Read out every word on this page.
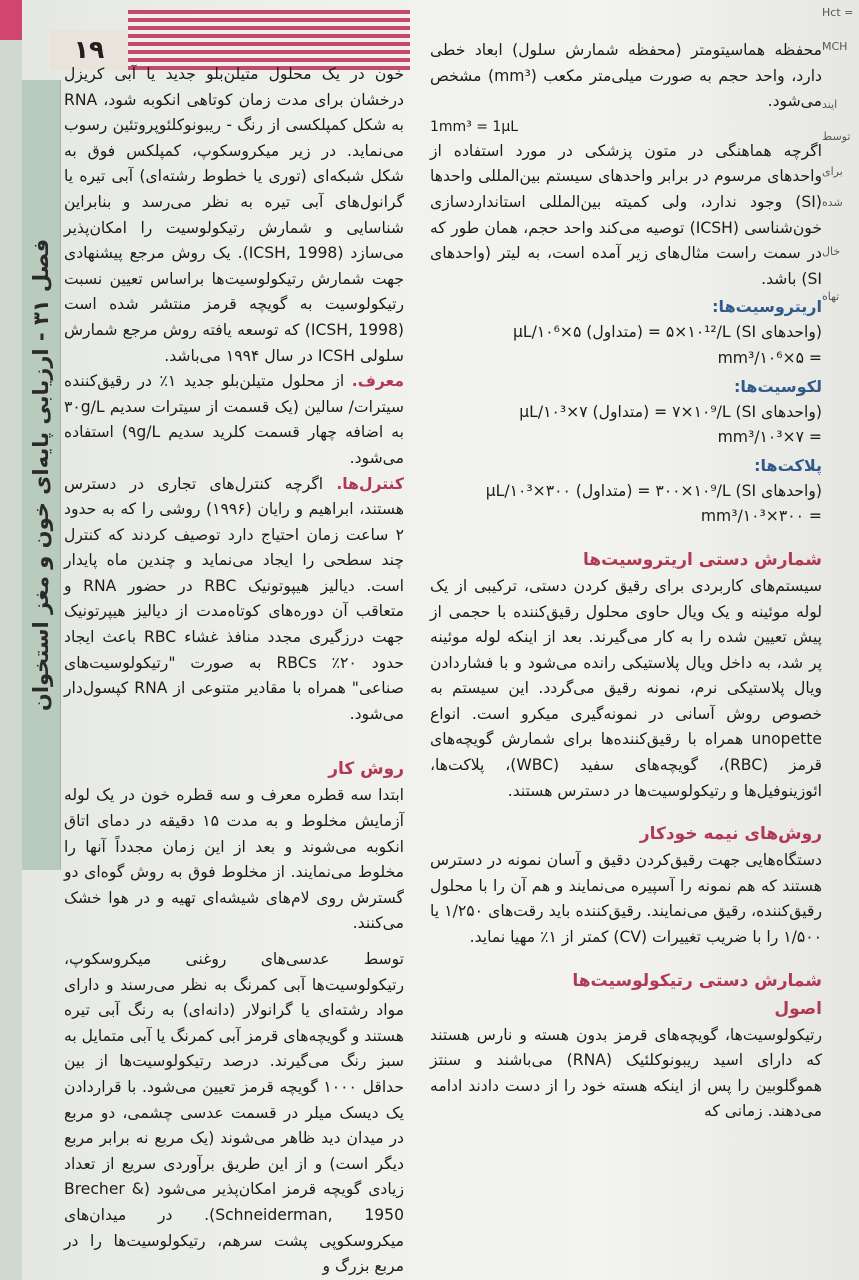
فصل ۳۱ - ارزیابی پایه‌ای خون و مغز استخوان
۱۹
Hct =
MCH
ایند
توسط
برای
شده
خال
تهاه

خون در یک محلول متیلن‌بلو جدید یا آبی کریزل درخشان برای مدت زمان کوتاهی انکوبه شود، RNA به شکل کمپلکسی از رنگ - ریبونوکلئوپروتئین رسوب می‌نماید. در زیر میکروسکوپ، کمپلکس فوق به شکل شبکه‌ای (توری یا خطوط رشته‌ای) آبی تیره یا گرانول‌های آبی تیره به نظر می‌رسد و بنابراین شناسایی و شمارش رتیکولوسیت را امکان‌پذیر می‌سازد (ICSH, 1998). یک روش مرجع پیشنهادی جهت شمارش رتیکولوسیت‌ها براساس تعیین نسبت رتیکولوسیت به گویچه قرمز منتشر شده است (ICSH, 1998) که توسعه یافته روش مرجع شمارش سلولی ICSH در سال ۱۹۹۴ می‌باشد.

معرف. از محلول متیلن‌بلو جدید ۱٪ در رقیق‌کننده سیترات/ سالین (یک قسمت از سیترات سدیم ۳۰g/L به اضافه چهار قسمت کلرید سدیم ۹g/L) استفاده می‌شود.

کنترل‌ها. اگرچه کنترل‌های تجاری در دسترس هستند، ابراهیم و رایان (۱۹۹۶) روشی را که به حدود ۲ ساعت زمان احتیاج دارد توصیف کردند که کنترل چند سطحی را ایجاد می‌نماید و چندین ماه پایدار است. دیالیز هیپوتونیک RBC در حضور RNA و متعاقب آن دوره‌های کوتاه‌مدت از دیالیز هیپرتونیک جهت درزگیری مجدد منافذ غشاء RBC باعث ایجاد حدود ۲۰٪ RBCs به صورت "رتیکولوسیت‌های صناعی" همراه با مقادیر متنوعی از RNA کپسول‌دار می‌شود.

روش کار

ابتدا سه قطره معرف و سه قطره خون در یک لوله آزمایش مخلوط و به مدت ۱۵ دقیقه در دمای اتاق انکوبه می‌شوند و بعد از این زمان مجدداً آنها را مخلوط می‌نمایند. از مخلوط فوق به روش گوه‌ای دو گسترش روی لام‌های شیشه‌ای تهیه و در هوا خشک می‌کنند.

توسط عدسی‌های روغنی میکروسکوپ، رتیکولوسیت‌ها آبی کمرنگ به نظر می‌رسند و دارای مواد رشته‌ای یا گرانولار (دانه‌ای) به رنگ آبی تیره هستند و گویچه‌های قرمز آبی کمرنگ یا آبی متمایل به سبز رنگ می‌گیرند. درصد رتیکولوسیت‌ها از بین حداقل ۱۰۰۰ گویچه قرمز تعیین می‌شود. با قراردادن یک دیسک میلر در قسمت عدسی چشمی، دو مربع در میدان دید ظاهر می‌شوند (یک مربع نه برابر مربع دیگر است) و از این طریق برآوردی سریع از تعداد زیادی گویچه قرمز امکان‌پذیر می‌شود (Brecher & Schneiderman, 1950). در میدان‌های میکروسکوپی پشت سرهم، رتیکولوسیت‌ها را در مربع بزرگ و

محفظه هماسیتومتر (محفظه شمارش سلول) ابعاد خطی دارد، واحد حجم به صورت میلی‌متر مکعب (mm³) مشخص می‌شود.

1mm³ = 1μL

اگرچه هماهنگی در متون پزشکی در مورد استفاده از واحدهای مرسوم در برابر واحدهای سیستم بین‌المللی واحدها (SI) وجود ندارد، ولی کمیته بین‌المللی استانداردسازی خون‌شناسی (ICSH) توصیه می‌کند واحد حجم، همان طور که در سمت راست مثال‌های زیر آمده است، به لیتر (واحدهای SI) باشد.

اریتروسیت‌ها:
(واحدهای SI) ۵×۱۰¹²/L = (متداول) ۵×۱۰⁶/μL
= ۵×۱۰⁶/mm³
لکوسیت‌ها:
(واحدهای SI) ۷×۱۰⁹/L = (متداول) ۷×۱۰³/μL
= ۷×۱۰³/mm³
پلاکت‌ها:
(واحدهای SI) ۳۰۰×۱۰⁹/L = (متداول) ۳۰۰×۱۰³/μL
= ۳۰۰×۱۰³/mm³
شمارش دستی اریتروسیت‌ها

سیستم‌های کاربردی برای رقیق کردن دستی، ترکیبی از یک لوله موئینه و یک ویال حاوی محلول رقیق‌کننده با حجمی از پیش تعیین شده را به کار می‌گیرند. بعد از اینکه لوله موئینه پر شد، به داخل ویال پلاستیکی رانده می‌شود و با فشاردادن ویال پلاستیکی نرم، نمونه رقیق می‌گردد. این سیستم به خصوص روش آسانی در نمونه‌گیری میکرو است. انواع unopette همراه با رقیق‌کننده‌ها برای شمارش گویچه‌های قرمز (RBC)، گویچه‌های سفید (WBC)، پلاکت‌ها، ائوزینوفیل‌ها و رتیکولوسیت‌ها در دسترس هستند.

روش‌های نیمه خودکار

دستگاه‌هایی جهت رقیق‌کردن دقیق و آسان نمونه در دسترس هستند که هم نمونه را آسپیره می‌نمایند و هم آن را با محلول رقیق‌کننده، رقیق می‌نمایند. رقیق‌کننده باید رقت‌های ۱/۲۵۰ یا ۱/۵۰۰ را با ضریب تغییرات (CV) کمتر از ۱٪ مهیا نماید.

شمارش دستی رتیکولوسیت‌ها
اصول

رتیکولوسیت‌ها، گویچه‌های قرمز بدون هسته و نارس هستند که دارای اسید ریبونوکلئیک (RNA) می‌باشند و سنتز هموگلوبین را پس از اینکه هسته خود را از دست دادند ادامه می‌دهند. زمانی که
